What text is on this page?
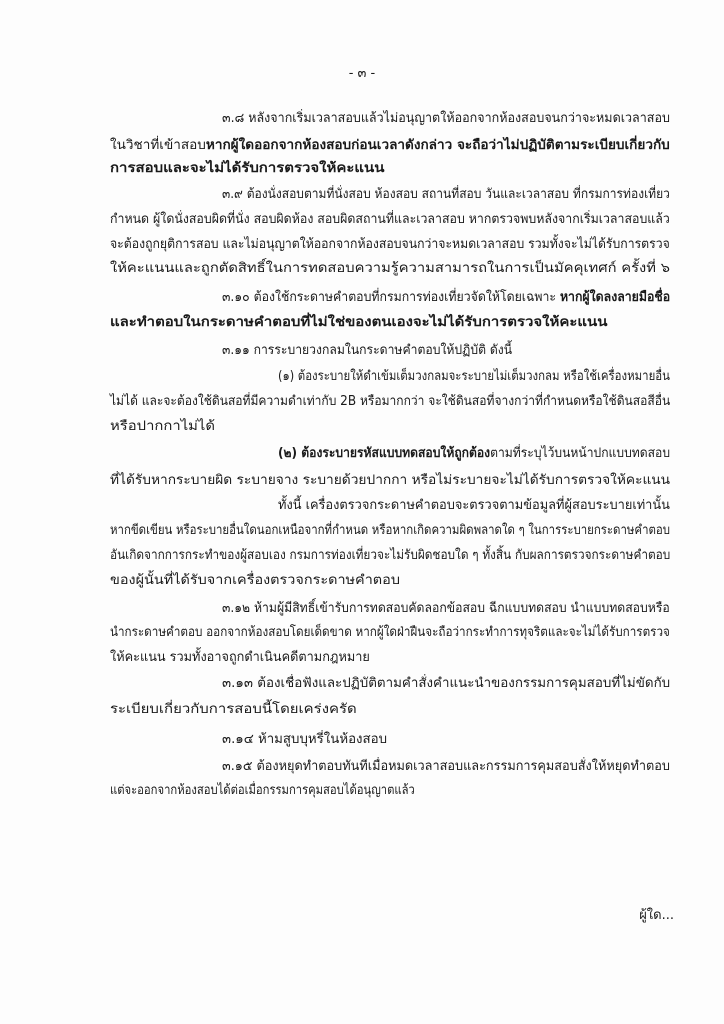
- ๓ -
๓.๘ หลังจากเริ่มเวลาสอบแล้วไม่อนุญาตให้ออกจากห้องสอบจนกว่าจะหมดเวลาสอบ
ในวิชาที่เข้าสอบหากผู้ใดออกจากห้องสอบก่อนเวลาดังกล่าว จะถือว่าไม่ปฏิบัติตามระเบียบเกี่ยวกับ
การสอบและจะไม่ได้รับการตรวจให้คะแนน
๓.๙ ต้องนั่งสอบตามที่นั่งสอบ ห้องสอบ สถานที่สอบ วันและเวลาสอบ ที่กรมการท่องเที่ยว
กำหนด ผู้ใดนั่งสอบผิดที่นั่ง สอบผิดห้อง สอบผิดสถานที่และเวลาสอบ หากตรวจพบหลังจากเริ่มเวลาสอบแล้ว
จะต้องถูกยุติการสอบ และไม่อนุญาตให้ออกจากห้องสอบจนกว่าจะหมดเวลาสอบ รวมทั้งจะไม่ได้รับการตรวจ
ให้คะแนนและถูกตัดสิทธิ์ในการทดสอบความรู้ความสามารถในการเป็นมัคคุเทศก์ ครั้งที่ ๖
๓.๑๐ ต้องใช้กระดาษคำตอบที่กรมการท่องเที่ยวจัดให้โดยเฉพาะ หากผู้ใดลงลายมือชื่อ
และทำตอบในกระดาษคำตอบที่ไม่ใช่ของตนเองจะไม่ได้รับการตรวจให้คะแนน
๓.๑๑ การระบายวงกลมในกระดาษคำตอบให้ปฏิบัติ ดังนี้
(๑) ต้องระบายให้ดำเข้มเต็มวงกลมจะระบายไม่เต็มวงกลม หรือใช้เครื่องหมายอื่น
ไม่ได้ และจะต้องใช้ดินสอที่มีความดำเท่ากับ 2B หรือมากกว่า จะใช้ดินสอที่จางกว่าที่กำหนดหรือใช้ดินสอสีอื่น
หรือปากกาไม่ได้
(๒) ต้องระบายรหัสแบบทดสอบให้ถูกต้องตามที่ระบุไว้บนหน้าปกแบบทดสอบ
ที่ได้รับหากระบายผิด ระบายจาง ระบายด้วยปากกา หรือไม่ระบายจะไม่ได้รับการตรวจให้คะแนน
ทั้งนี้ เครื่องตรวจกระดาษคำตอบจะตรวจตามข้อมูลที่ผู้สอบระบายเท่านั้น
หากขีดเขียน หรือระบายอื่นใดนอกเหนือจากที่กำหนด หรือหากเกิดความผิดพลาดใด ๆ ในการระบายกระดาษคำตอบ
อันเกิดจากการกระทำของผู้สอบเอง กรมการท่องเที่ยวจะไม่รับผิดชอบใด ๆ ทั้งสิ้น กับผลการตรวจกระดาษคำตอบ
ของผู้นั้นที่ได้รับจากเครื่องตรวจกระดาษคำตอบ
๓.๑๒ ห้ามผู้มีสิทธิ์เข้ารับการทดสอบคัดลอกข้อสอบ ฉีกแบบทดสอบ นำแบบทดสอบหรือ
นำกระดาษคำตอบ ออกจากห้องสอบโดยเด็ดขาด หากผู้ใดฝ่าฝืนจะถือว่ากระทำการทุจริตและจะไม่ได้รับการตรวจ
ให้คะแนน รวมทั้งอาจถูกดำเนินคดีตามกฎหมาย
๓.๑๓ ต้องเชื่อฟังและปฏิบัติตามคำสั่งคำแนะนำของกรรมการคุมสอบที่ไม่ขัดกับ
ระเบียบเกี่ยวกับการสอบนี้โดยเคร่งครัด
๓.๑๔ ห้ามสูบบุหรี่ในห้องสอบ
๓.๑๕ ต้องหยุดทำตอบทันทีเมื่อหมดเวลาสอบและกรรมการคุมสอบสั่งให้หยุดทำตอบ
แต่จะออกจากห้องสอบได้ต่อเมื่อกรรมการคุมสอบได้อนุญาตแล้ว
ผู้ใด...
